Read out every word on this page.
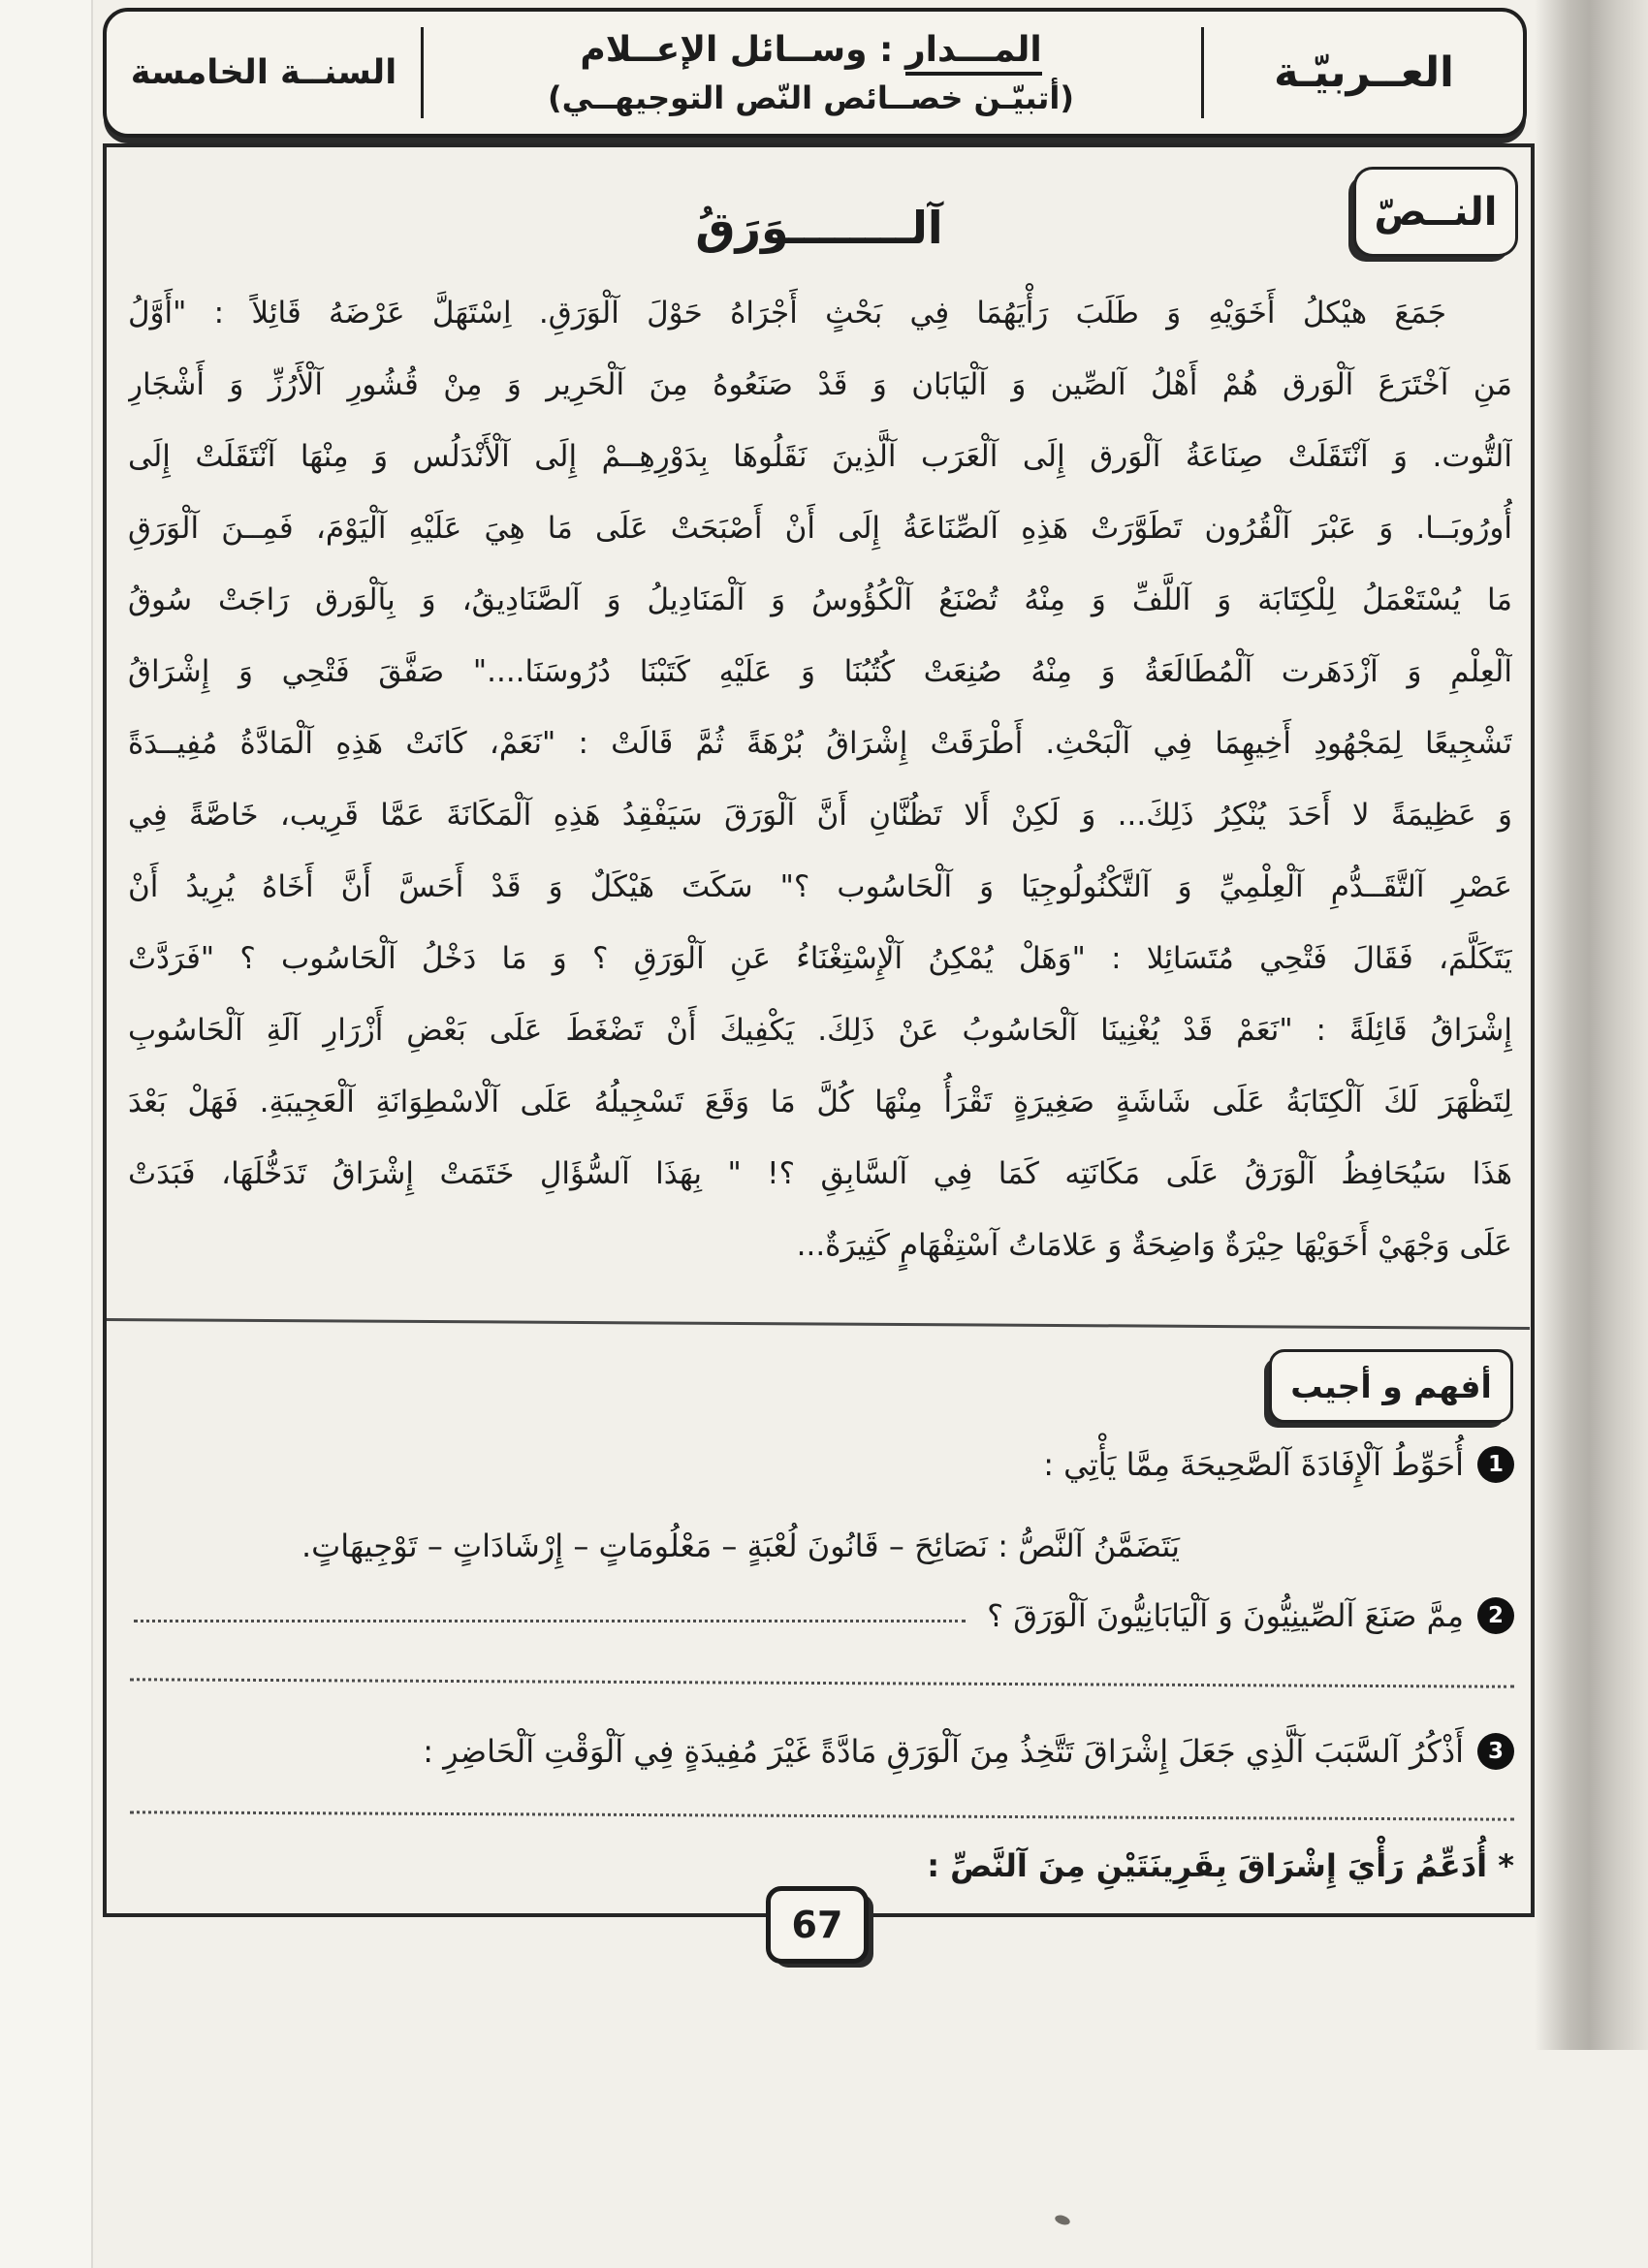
السنــة الخامسة
المـــدار : وســائل الإعــلام
(أتبيّـن خصــائص النّص التوجيهــي)
العــربيّـة
النــصّ
آلــــــــوَرَقُ
جَمَعَ هيْكلُ أَخَوَيْهِ وَ طَلَبَ رَأْيَهُمَا فِي بَحْثٍ أَجْرَاهُ حَوْلَ آلْوَرَقِ. اِسْتَهَلَّ عَرْضَهُ قَائِلاً : "أَوَّلُ
مَنِ آخْتَرَعَ آلْوَرق هُمْ أَهْلُ آلصِّين وَ آلْيَابَان وَ قَدْ صَنَعُوهُ مِنَ آلْحَرِير وَ مِنْ قُشُورِ آلْأَرُزِّ وَ أَشْجَارِ
آلتُّوت. وَ آنْتَقَلَتْ صِنَاعَةُ آلْوَرق إِلَى آلْعَرَب آلَّذِينَ نَقَلُوهَا بِدَوْرِهِــمْ إِلَى آلْأَنْدَلُس وَ مِنْهَا آنْتَقَلَتْ إِلَى
أُورُوبَــا. وَ عَبْرَ آلْقُرُون تَطَوَّرَتْ هَذِهِ آلصِّنَاعَةُ إِلَى أَنْ أَصْبَحَتْ عَلَى مَا هِيَ عَلَيْهِ آلْيَوْمَ، فَمِــنَ آلْوَرَقِ
مَا يُسْتَعْمَلُ لِلْكِتَابَة وَ آللَّفِّ وَ مِنْهُ تُصْنَعُ آلْكُؤُوسُ وَ آلْمَنَادِيلُ وَ آلصَّنَادِيقُ، وَ بِآلْوَرق رَاجَتْ سُوقُ
آلْعِلْمِ وَ آزْدَهَرت آلْمُطَالَعَةُ وَ مِنْهُ صُنِعَتْ كُتُبُنَا وَ عَلَيْهِ كَتَبْنَا دُرُوسَنَا...." صَفَّقَ فَتْحِي وَ إِشْرَاقُ
تَشْجِيعًا لِمَجْهُودِ أَخِيهِمَا فِي آلْبَحْثِ. أَطْرَقَتْ إِشْرَاقُ بُرْهَةً ثُمَّ قَالَتْ : "نَعَمْ، كَانَتْ هَذِهِ آلْمَادَّةُ مُفِيــدَةً
وَ عَظِيمَةً لا أَحَدَ يُنْكِرُ ذَلِكَ... وَ لَكِنْ أَلا تَظُنَّانِ أَنَّ آلْوَرَقَ سَيَفْقِدُ هَذِهِ آلْمَكَانَةَ عَمَّا قَرِيب، خَاصَّةً فِي
عَصْرِ آلتَّقَــدُّمِ آلْعِلْمِيِّ وَ آلتَّكْنُولُوجِيَا وَ آلْحَاسُوب ؟" سَكَتَ هَيْكَلٌ وَ قَدْ أَحَسَّ أَنَّ أَخَاهُ يُرِيدُ أَنْ
يَتَكَلَّمَ، فَقَالَ فَتْحِي مُتَسَائِلا : "وَهَلْ يُمْكِنُ آلْإِسْتِغْنَاءُ عَنِ آلْوَرَقِ ؟ وَ مَا دَخْلُ آلْحَاسُوب ؟ "فَرَدَّتْ
إِشْرَاقُ قَائِلَةً : "نَعَمْ قَدْ يُغْنِينَا آلْحَاسُوبُ عَنْ ذَلِكَ. يَكْفِيكَ أَنْ تَضْغَطَ عَلَى بَعْضِ أَزْرَارِ آلَةِ آلْحَاسُوبِ
لِتَظْهَرَ لَكَ آلْكِتَابَةُ عَلَى شَاشَةٍ صَغِيرَةٍ تَقْرَأُ مِنْهَا كُلَّ مَا وَقَعَ تَسْجِيلُهُ عَلَى آلْاسْطِوَانَةِ آلْعَجِيبَةِ. فَهَلْ بَعْدَ
هَذَا سَيُحَافِظُ آلْوَرَقُ عَلَى مَكَانَتِه كَمَا فِي آلسَّابِقِ ؟! " بِهَذَا آلسُّؤَالِ خَتَمَتْ إِشْرَاقُ تَدَخُّلَهَا، فَبَدَتْ
عَلَى وَجْهَيْ أَخَوَيْهَا حِيْرَةٌ وَاضِحَةٌ وَ عَلامَاتُ آسْتِفْهَامٍ كَثِيرَةٌ...
أفهم و أجيب
1
أُحَوِّطُ آلْإِفَادَةَ آلصَّحِيحَةَ مِمَّا يَأْتِي :
يَتَضَمَّنُ آلنَّصُّ : نَصَائِحَ – قَانُونَ لُعْبَةٍ – مَعْلُومَاتٍ – إِرْشَادَاتٍ – تَوْجِيهَاتٍ.
2
مِمَّ صَنَعَ آلصِّينِيُّونَ وَ آلْيَابَانِيُّونَ آلْوَرَقَ ؟
3
أَذْكُرُ آلسَّبَبَ آلَّذِي جَعَلَ إِشْرَاقَ تَتَّخِذُ مِنَ آلْوَرَقِ مَادَّةً غَيْرَ مُفِيدَةٍ فِي آلْوَقْتِ آلْحَاضِرِ :
* أُدَعِّمُ رَأْيَ إِشْرَاقَ بِقَرِينَتَيْنِ مِنَ آلنَّصِّ :
67
